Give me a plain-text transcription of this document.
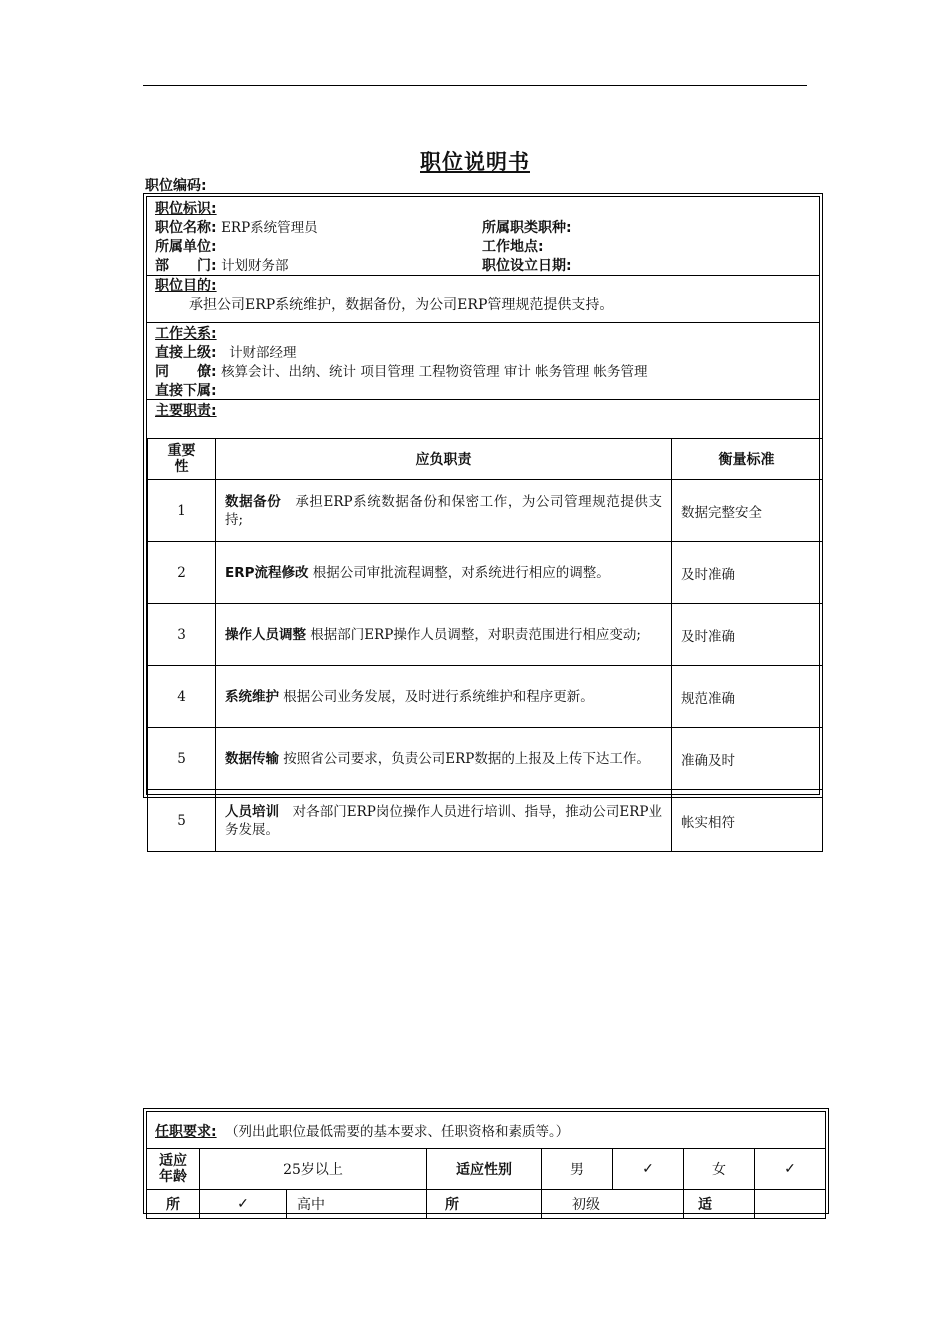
职位说明书
职位编码:
职位标识:
职位名称: ERP系统管理员	所属职类职种:
所属单位:	工作地点:
部　　门: 计划财务部	职位设立日期:
职位目的:
承担公司ERP系统维护，数据备份，为公司ERP管理规范提供支持。
工作关系:
直接上级: 计财部经理
同　　僚: 核算会计、出纳、统计 项目管理 工程物资管理 审计 帐务管理 帐务管理
直接下属:
主要职责:
重要性	应负职责	衡量标准
1	数据备份　承担ERP系统数据备份和保密工作，为公司管理规范提供支持;	数据完整安全
2	ERP流程修改 根据公司审批流程调整，对系统进行相应的调整。	及时准确
3	操作人员调整 根据部门ERP操作人员调整，对职责范围进行相应变动;	及时准确
4	系统维护 根据公司业务发展，及时进行系统维护和程序更新。	规范准确
5	数据传输 按照省公司要求，负责公司ERP数据的上报及上传下达工作。	准确及时
5	人员培训　对各部门ERP岗位操作人员进行培训、指导，推动公司ERP业务发展。	帐实相符
任职要求: （列出此职位最低需要的基本要求、任职资格和素质等。）							
适应年龄	25岁以上		适应性别	男	✓	女	✓
所	✓	高中	所	初级		适	
